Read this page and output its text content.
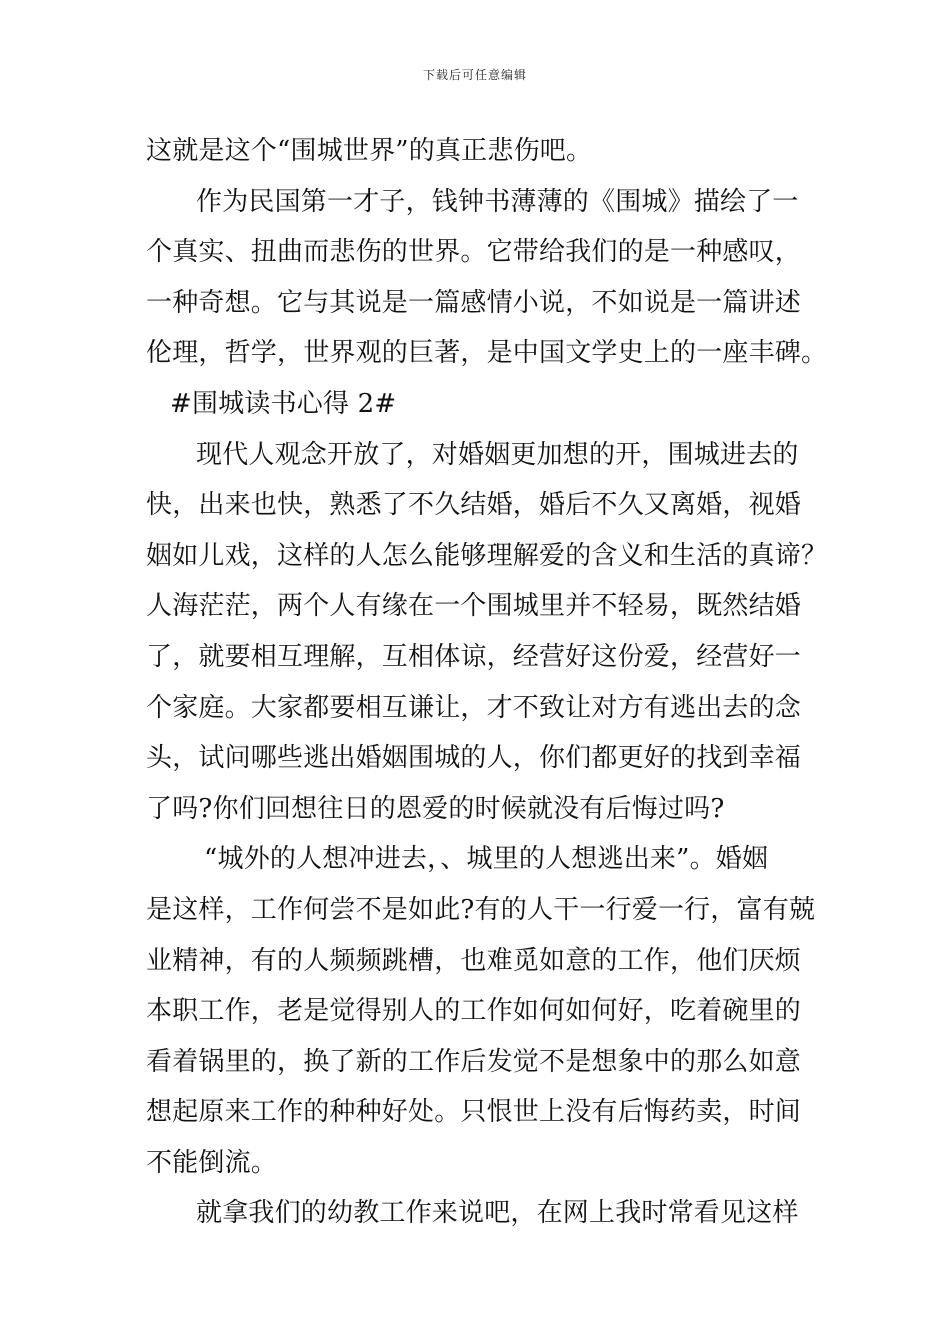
下载后可任意编辑
这就是这个“围城世界”的真正悲伤吧。
作为民国第一才子，钱钟书薄薄的《围城》描绘了一
个真实、扭曲而悲伤的世界。它带给我们的是一种感叹，
一种奇想。它与其说是一篇感情小说，不如说是一篇讲述
伦理，哲学，世界观的巨著，是中国文学史上的一座丰碑。
#围城读书心得 2#
现代人观念开放了，对婚姻更加想的开，围城进去的
快，出来也快，熟悉了不久结婚，婚后不久又离婚，视婚
姻如儿戏，这样的人怎么能够理解爱的含义和生活的真谛？
人海茫茫，两个人有缘在一个围城里并不轻易，既然结婚
了，就要相互理解，互相体谅，经营好这份爱，经营好一
个家庭。大家都要相互谦让，才不致让对方有逃出去的念
头，试问哪些逃出婚姻围城的人，你们都更好的找到幸福
了吗?你们回想往日的恩爱的时候就没有后悔过吗?
“城外的人想冲进去，、城里的人想逃出来”。婚姻
是这样，工作何尝不是如此?有的人干一行爱一行，富有兢
业精神，有的人频频跳槽，也难觅如意的工作，他们厌烦
本职工作，老是觉得别人的工作如何如何好，吃着碗里的
看着锅里的，换了新的工作后发觉不是想象中的那么如意
想起原来工作的种种好处。只恨世上没有后悔药卖，时间
不能倒流。
就拿我们的幼教工作来说吧，在网上我时常看见这样
